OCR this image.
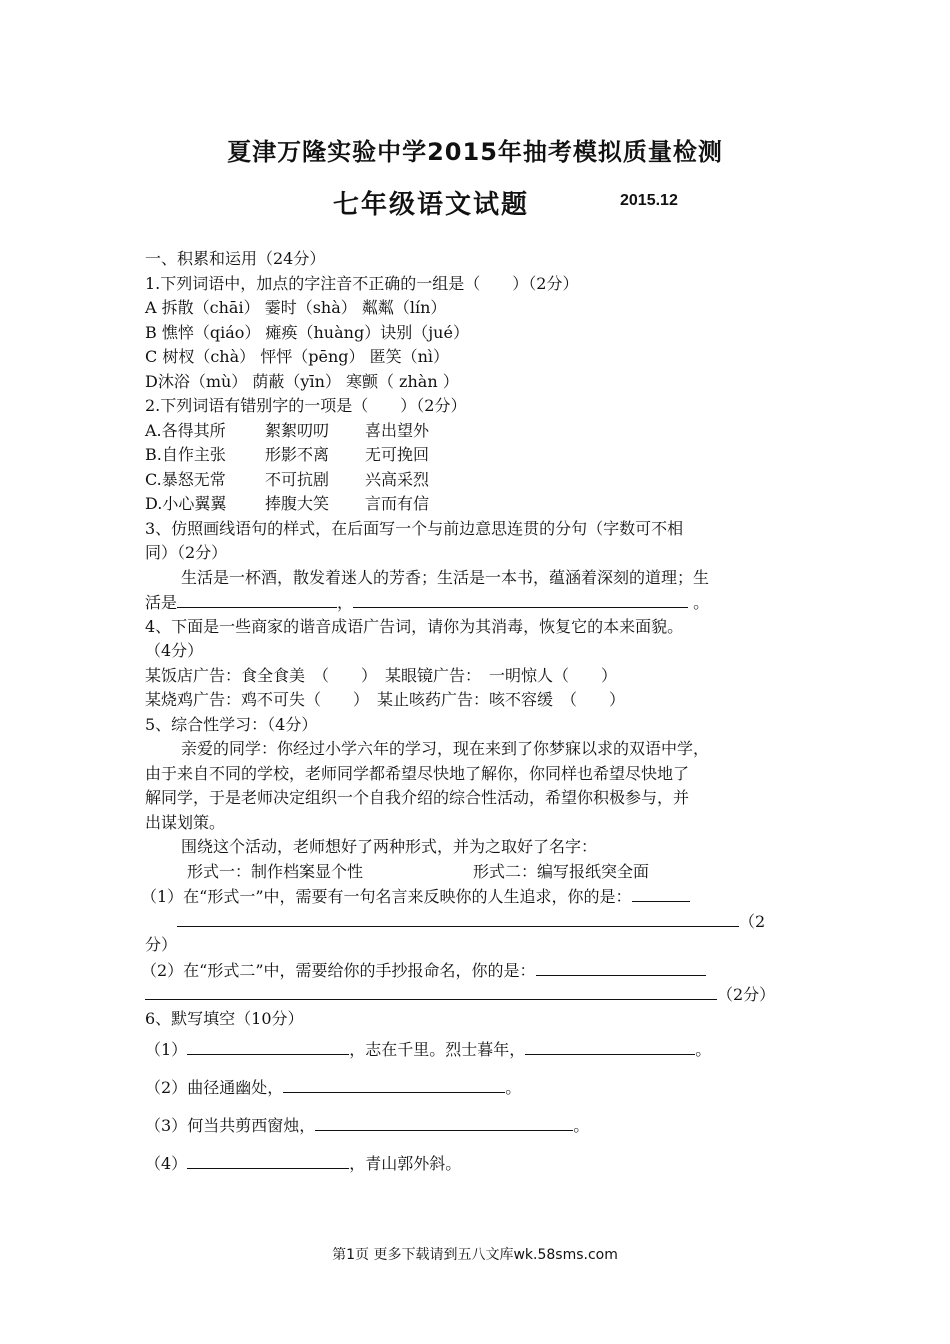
夏津万隆实验中学2015年抽考模拟质量检测
七年级语文试题	2015.12
一、积累和运用（24分）
1.下列词语中，加点的字注音不正确的一组是（　　）（2分）
A 拆散（chāi） 霎时（shà） 粼粼（lín）
B 憔悴（qiáo） 瘫痪（huàng）诀别（jué）
C 树杈（chà） 怦怦（pēng） 匿笑（nì）
D沐浴（mù） 荫蔽（yīn） 寒颤（ zhàn ）
2.下列词语有错别字的一项是（　　）（2分）
A.各得其所 絮絮叨叨 喜出望外
B.自作主张 形影不离 无可挽回
C.暴怒无常 不可抗剧 兴高采烈
D.小心翼翼 捧腹大笑 言而有信
3、仿照画线语句的样式，在后面写一个与前边意思连贯的分句（字数可不相
同）（2分）
生活是一杯酒，散发着迷人的芳香；生活是一本书，蕴涵着深刻的道理；生
活是	，	。
4、下面是一些商家的谐音成语广告词，请你为其消毒，恢复它的本来面貌。
（4分）
某饭店广告：食全食美　（　　）　某眼镜广告：　一明惊人（　　）
某烧鸡广告：鸡不可失（　　）　某止咳药广告：咳不容缓　（　　）
5、综合性学习：（4分）
亲爱的同学：你经过小学六年的学习，现在来到了你梦寐以求的双语中学，
由于来自不同的学校，老师同学都希望尽快地了解你，你同样也希望尽快地了
解同学，于是老师决定组织一个自我介绍的综合性活动，希望你积极参与，并
出谋划策。
围绕这个活动，老师想好了两种形式，并为之取好了名字：
形式一：制作档案显个性	形式二：编写报纸突全面
（1）在“形式一”中，需要有一句名言来反映你的人生追求，你的是：
（2
分）
（2）在“形式二”中，需要给你的手抄报命名，你的是：
（2分）
6、默写填空（10分）
（1）	，志在千里。烈士暮年，	。
（2）曲径通幽处，	。
（3）何当共剪西窗烛，	。
（4）	，青山郭外斜。
第1页 更多下载请到五八文库wk.58sms.com
